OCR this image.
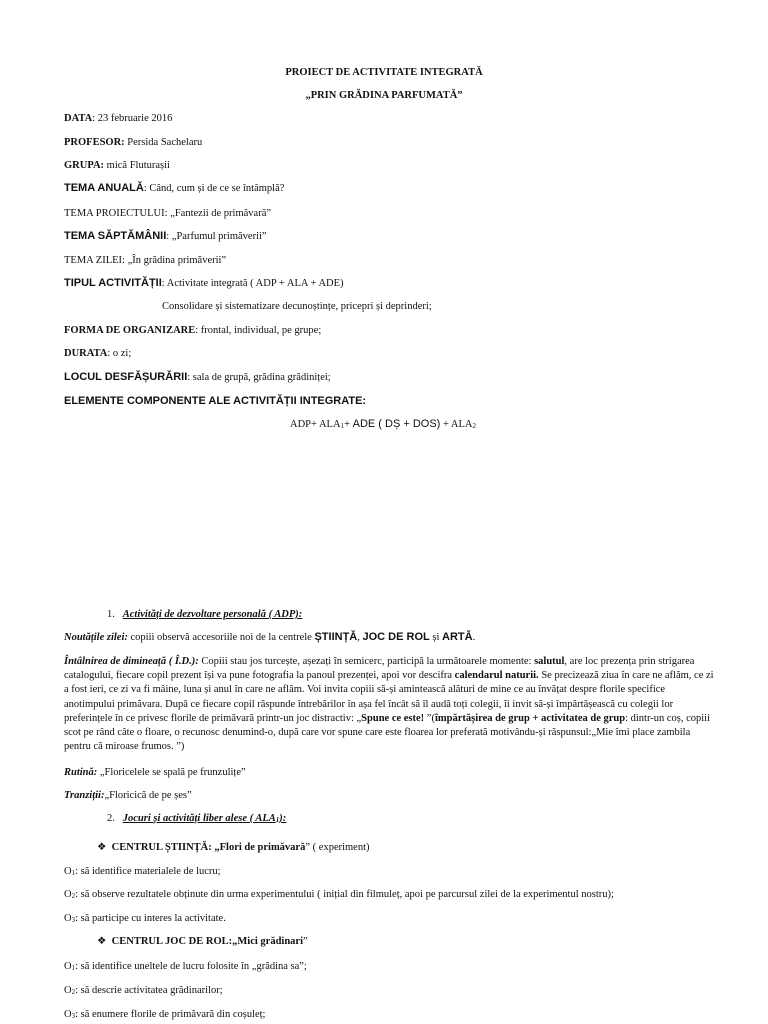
PROIECT DE ACTIVITATE INTEGRATĂ
„PRIN GRĂDINA PARFUMATĂ”
DATA: 23 februarie 2016
PROFESOR: Persida Sachelaru
GRUPA: mică Fluturașii
TEMA ANUALĂ: Când, cum și de ce se întâmplă?
TEMA PROIECTULUI: „Fantezii de primăvară”
TEMA SĂPTĂMÂNII: „Parfumul primăverii”
TEMA ZILEI: „În grădina primăverii”
TIPUL ACTIVITĂȚII: Activitate integrată ( ADP + ALA + ADE)
Consolidare și sistematizare decunoștințe, pricepri și deprinderi;
FORMA DE ORGANIZARE: frontal, individual, pe grupe;
DURATA: o zi;
LOCUL DESFĂȘURĂRII: sala de grupă, grădina grădiniței;
ELEMENTE COMPONENTE ALE ACTIVITĂȚII INTEGRATE:
$ADP+ ALA_1+$ ADE ( DȘ + $DOS) + ALA_2$
1. Activități de dezvoltare personală ( ADP):
Noutățile zilei: copiii observă accesoriile noi de la centrele ȘTIINȚĂ, JOC DE ROL și ARTĂ.
Întâlnirea de dimineață ( Î.D.): Copiii stau jos turcește, așezați în semicerc, participă la următoarele momente: salutul, are loc prezența prin strigarea catalogului, fiecare copil prezent își va pune fotografia la panoul prezenței, apoi vor descifra calendarul naturii. Se precizează ziua în care ne aflăm, ce zi a fost ieri, ce zi va fi mâine, luna și anul în care ne aflăm. Voi invita copiii să-și amintească alături de mine ce au învățat despre florile specifice anotimpului primăvara. După ce fiecare copil răspunde întrebărilor în așa fel încât să îl audă toți colegii, îi invit să-și împărtășească cu colegii lor preferințele în ce privesc florile de primăvară printr-un joc distractiv: „Spune ce este! ”(împărtășirea de grup + activitatea de grup: dintr-un coș, copiii scot pe rând câte o floare, o recunosc denumind-o, după care vor spune care este floarea lor preferată motivându-și răspunsul:„Mie îmi place zambila pentru că miroase frumos. ”)
Rutină: „Floricelele se spală pe frunzulițe”
Tranziții:„Floricică de pe șes”
2. Jocuri și activități liber alese ( $ALA_1$):
❖ CENTRUL ȘTIINȚĂ: „Flori de primăvară” ( experiment)
$O_1$: să identifice materialele de lucru;
$O_2$: să observe rezultatele obținute din urma experimentului ( inițial din filmuleț, apoi pe parcursul zilei de la experimentul nostru);
$O_3$: să participe cu interes la activitate.
❖ CENTRUL JOC DE ROL:„Mici grădinari”
$O_1$: să identifice uneltele de lucru folosite în „grădina sa”;
$O_2$: să descrie activitatea grădinarilor;
$O_3$: să enumere florile de primăvară din coșuleț;
